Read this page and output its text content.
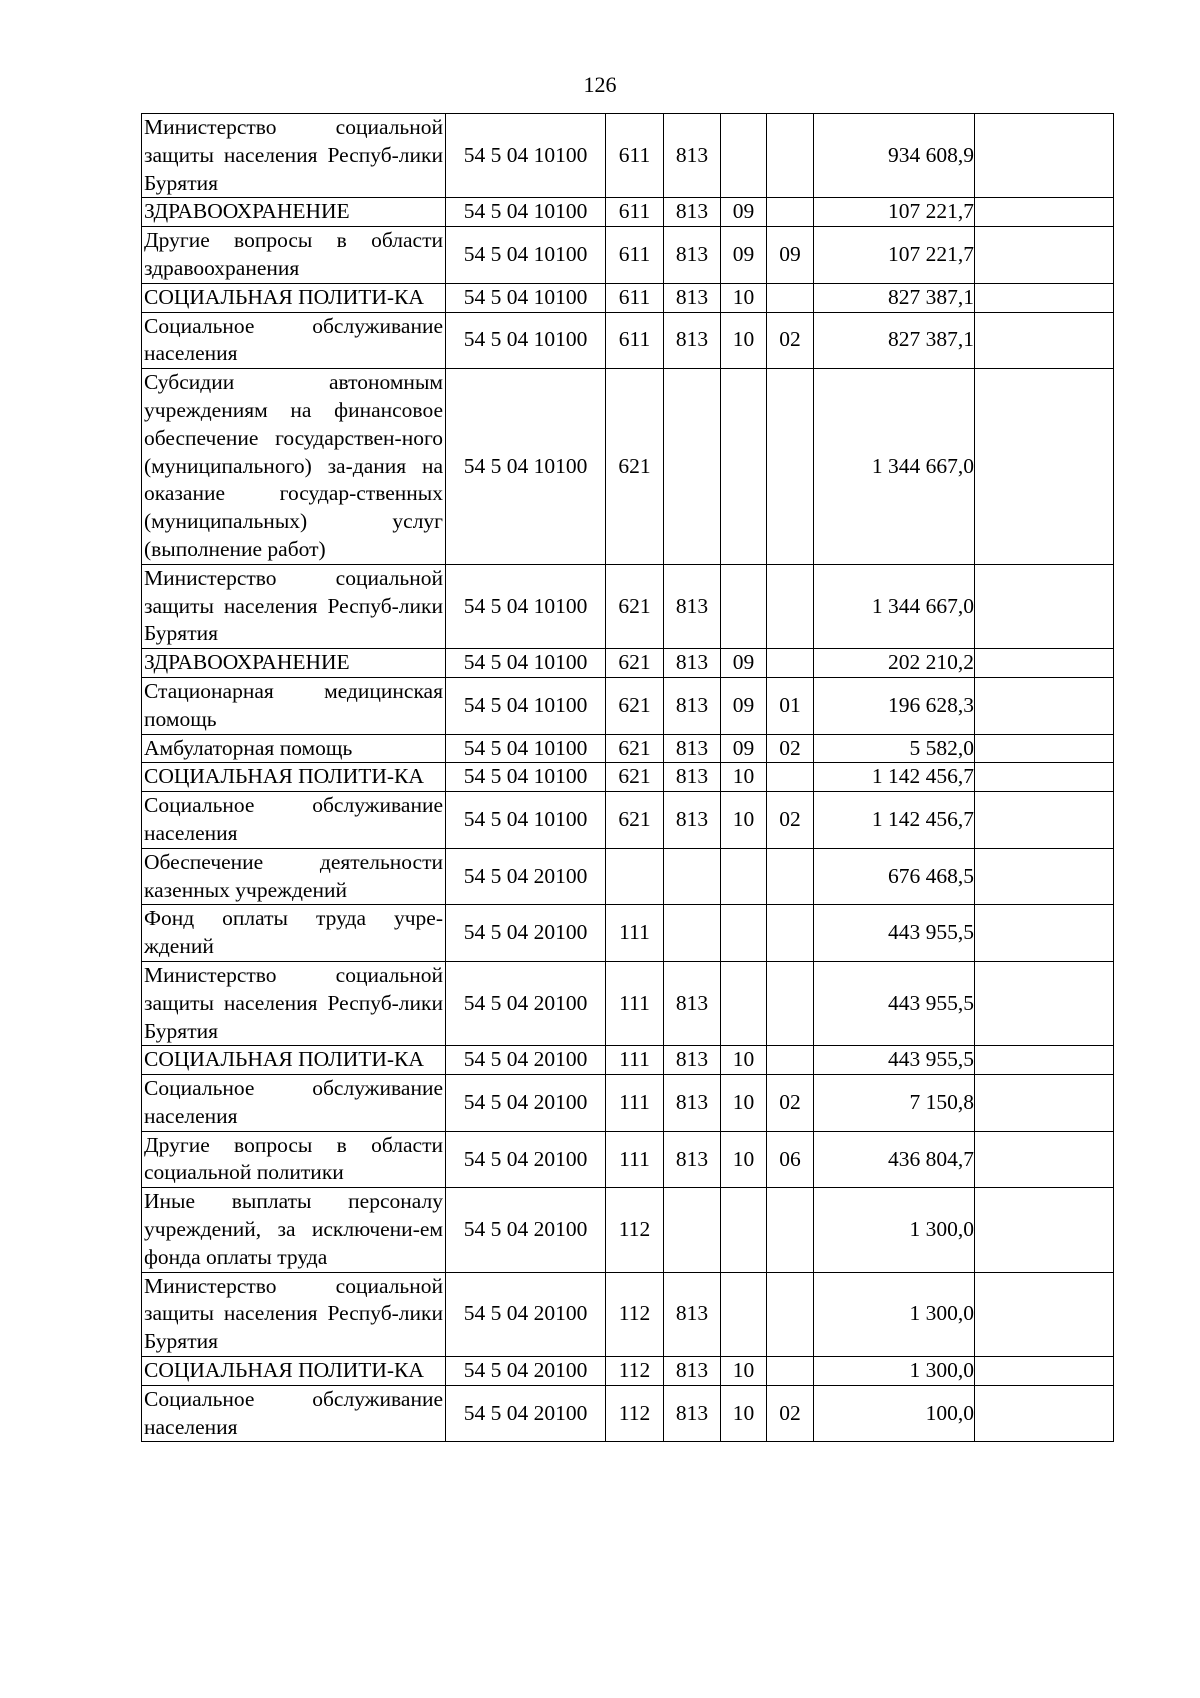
126
Министерство социальной защиты населения Респуб-лики Бурятия	54 5 04 10100	611	813			934 608,9	
ЗДРАВООХРАНЕНИЕ	54 5 04 10100	611	813	09		107 221,7	
Другие вопросы в области здравоохранения	54 5 04 10100	611	813	09	09	107 221,7	
СОЦИАЛЬНАЯ ПОЛИТИ-КА	54 5 04 10100	611	813	10		827 387,1	
Социальное обслуживание населения	54 5 04 10100	611	813	10	02	827 387,1	
Субсидии автономным учреждениям на финансовое обеспечение государствен-ного (муниципального) за-дания на оказание государ-ственных (муниципальных) услуг (выполнение работ)	54 5 04 10100	621				1 344 667,0	
Министерство социальной защиты населения Респуб-лики Бурятия	54 5 04 10100	621	813			1 344 667,0	
ЗДРАВООХРАНЕНИЕ	54 5 04 10100	621	813	09		202 210,2	
Стационарная медицинская помощь	54 5 04 10100	621	813	09	01	196 628,3	
Амбулаторная помощь	54 5 04 10100	621	813	09	02	5 582,0	
СОЦИАЛЬНАЯ ПОЛИТИ-КА	54 5 04 10100	621	813	10		1 142 456,7	
Социальное обслуживание населения	54 5 04 10100	621	813	10	02	1 142 456,7	
Обеспечение деятельности казенных учреждений	54 5 04 20100					676 468,5	
Фонд оплаты труда учре-ждений	54 5 04 20100	111				443 955,5	
Министерство социальной защиты населения Респуб-лики Бурятия	54 5 04 20100	111	813			443 955,5	
СОЦИАЛЬНАЯ ПОЛИТИ-КА	54 5 04 20100	111	813	10		443 955,5	
Социальное обслуживание населения	54 5 04 20100	111	813	10	02	7 150,8	
Другие вопросы в области социальной политики	54 5 04 20100	111	813	10	06	436 804,7	
Иные выплаты персоналу учреждений, за исключени-ем фонда оплаты труда	54 5 04 20100	112				1 300,0	
Министерство социальной защиты населения Респуб-лики Бурятия	54 5 04 20100	112	813			1 300,0	
СОЦИАЛЬНАЯ ПОЛИТИ-КА	54 5 04 20100	112	813	10		1 300,0	
Социальное обслуживание населения	54 5 04 20100	112	813	10	02	100,0	
